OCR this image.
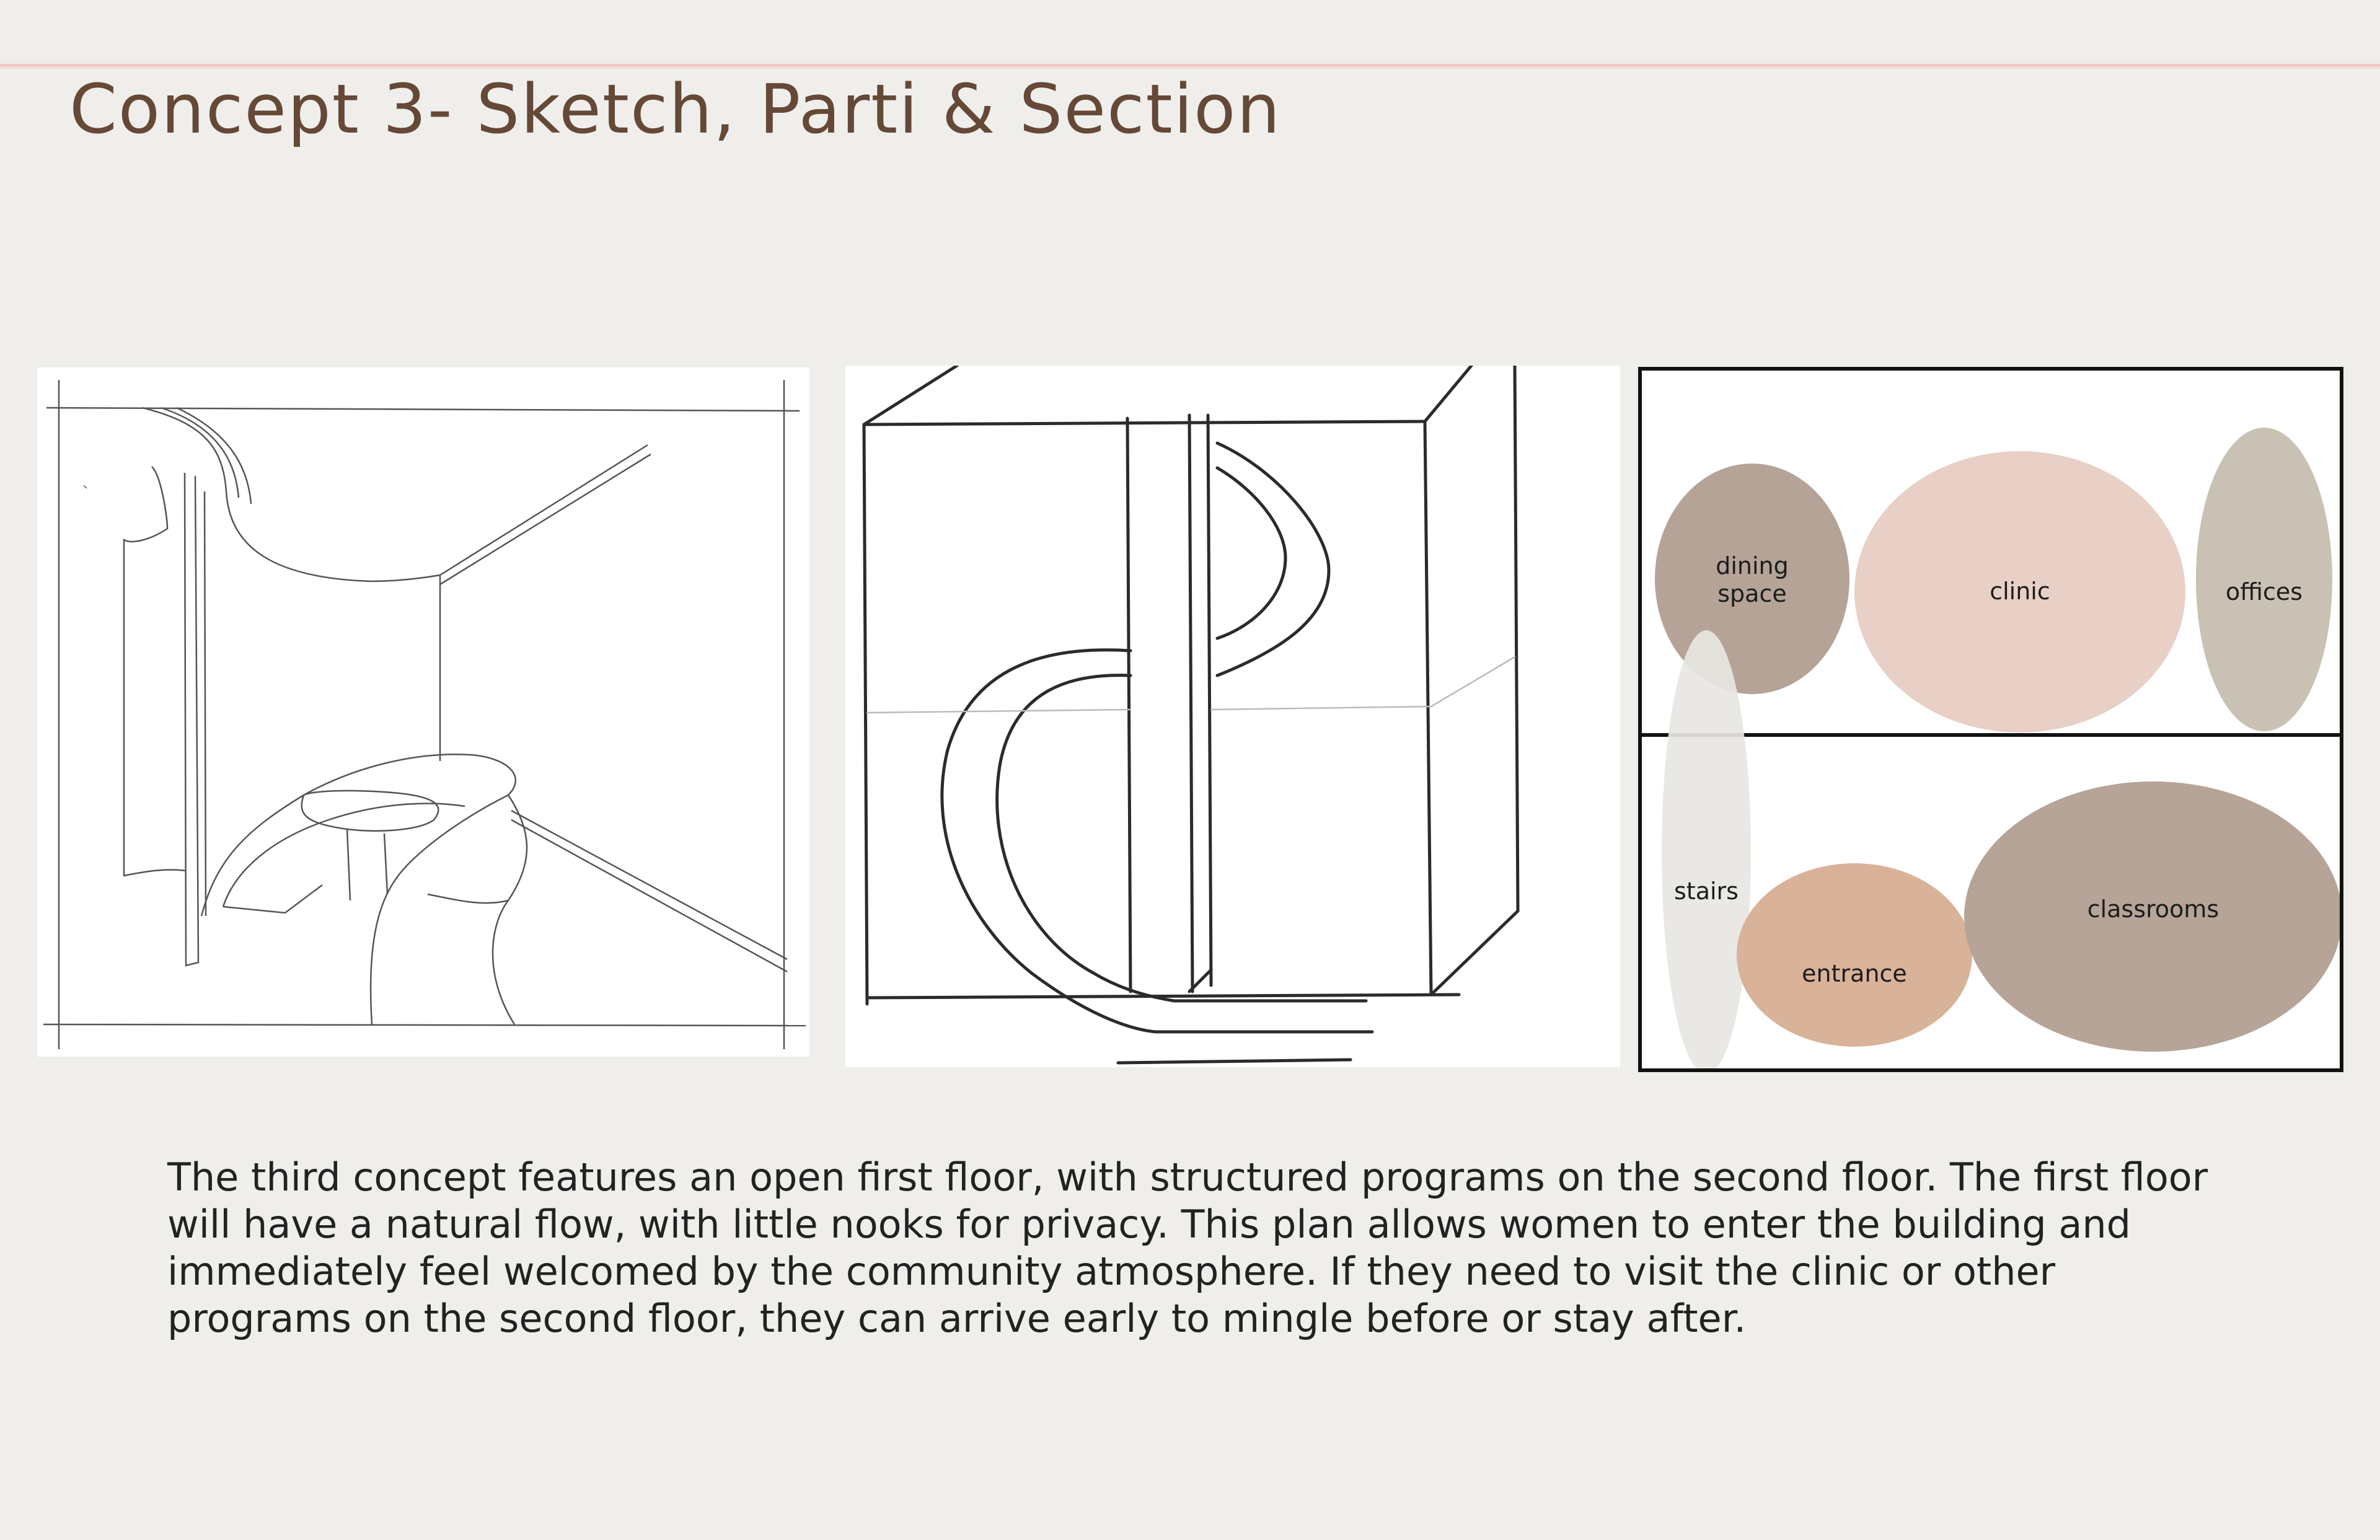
Concept 3- Sketch, Parti & Section
dining
space	clinic	offices
stairs
entrance
classrooms

The third concept features an open first floor, with structured programs on the second floor. The first floor will have a natural flow, with little nooks for privacy. This plan allows women to enter the building and immediately feel welcomed by the community atmosphere. If they need to visit the clinic or other programs on the second floor, they can arrive early to mingle before or stay after.
